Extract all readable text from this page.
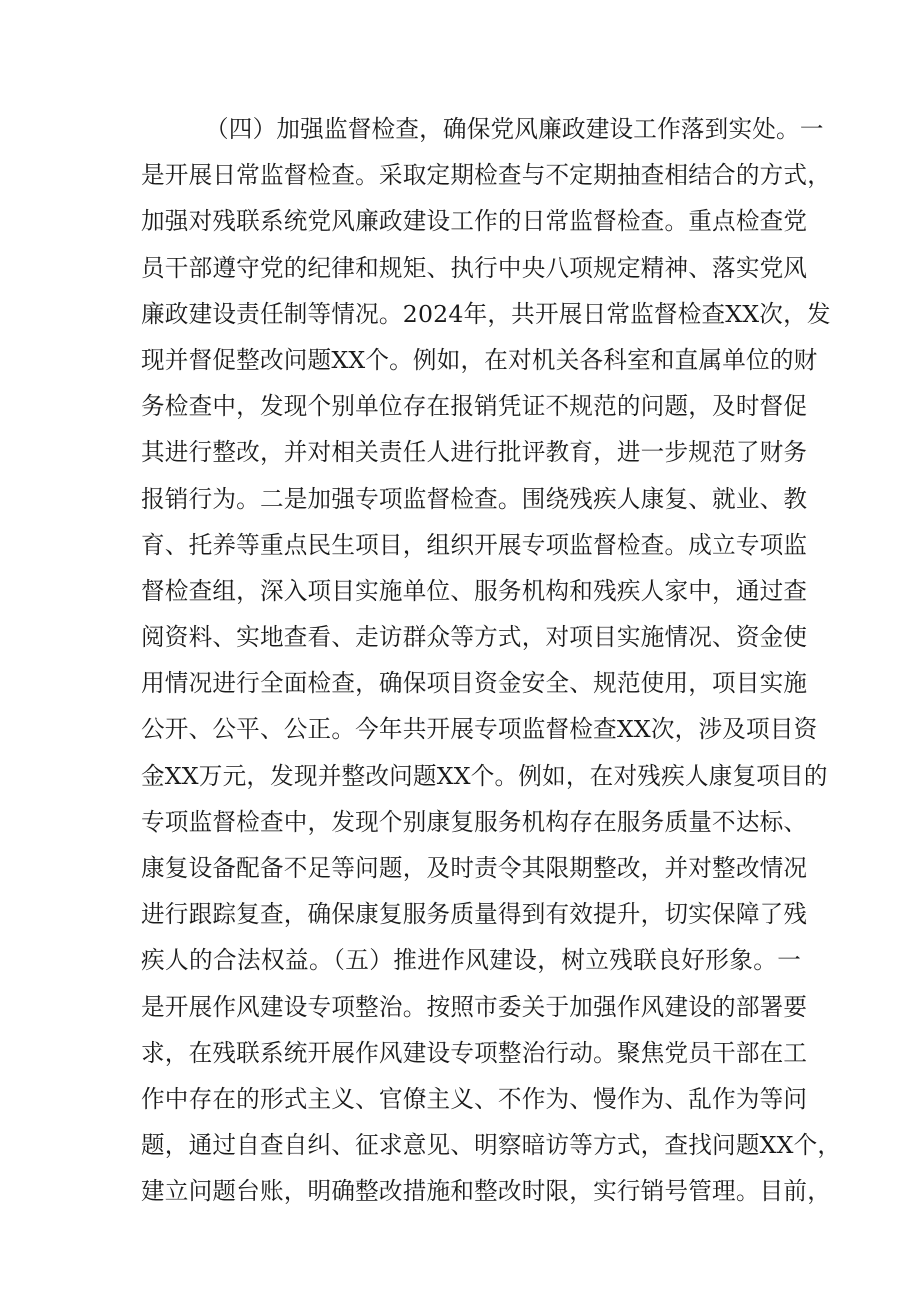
（四）加强监督检查，确保党风廉政建设工作落到实处。一
是开展日常监督检查。采取定期检查与不定期抽查相结合的方式，
加强对残联系统党风廉政建设工作的日常监督检查。重点检查党
员干部遵守党的纪律和规矩、执行中央八项规定精神、落实党风
廉政建设责任制等情况。2024年，共开展日常监督检查XX次，发
现并督促整改问题XX个。例如，在对机关各科室和直属单位的财
务检查中，发现个别单位存在报销凭证不规范的问题，及时督促
其进行整改，并对相关责任人进行批评教育，进一步规范了财务
报销行为。二是加强专项监督检查。围绕残疾人康复、就业、教
育、托养等重点民生项目，组织开展专项监督检查。成立专项监
督检查组，深入项目实施单位、服务机构和残疾人家中，通过查
阅资料、实地查看、走访群众等方式，对项目实施情况、资金使
用情况进行全面检查，确保项目资金安全、规范使用，项目实施
公开、公平、公正。今年共开展专项监督检查XX次，涉及项目资
金XX万元，发现并整改问题XX个。例如，在对残疾人康复项目的
专项监督检查中，发现个别康复服务机构存在服务质量不达标、
康复设备配备不足等问题，及时责令其限期整改，并对整改情况
进行跟踪复查，确保康复服务质量得到有效提升，切实保障了残
疾人的合法权益。（五）推进作风建设，树立残联良好形象。一
是开展作风建设专项整治。按照市委关于加强作风建设的部署要
求，在残联系统开展作风建设专项整治行动。聚焦党员干部在工
作中存在的形式主义、官僚主义、不作为、慢作为、乱作为等问
题，通过自查自纠、征求意见、明察暗访等方式，查找问题XX个，
建立问题台账，明确整改措施和整改时限，实行销号管理。目前，
